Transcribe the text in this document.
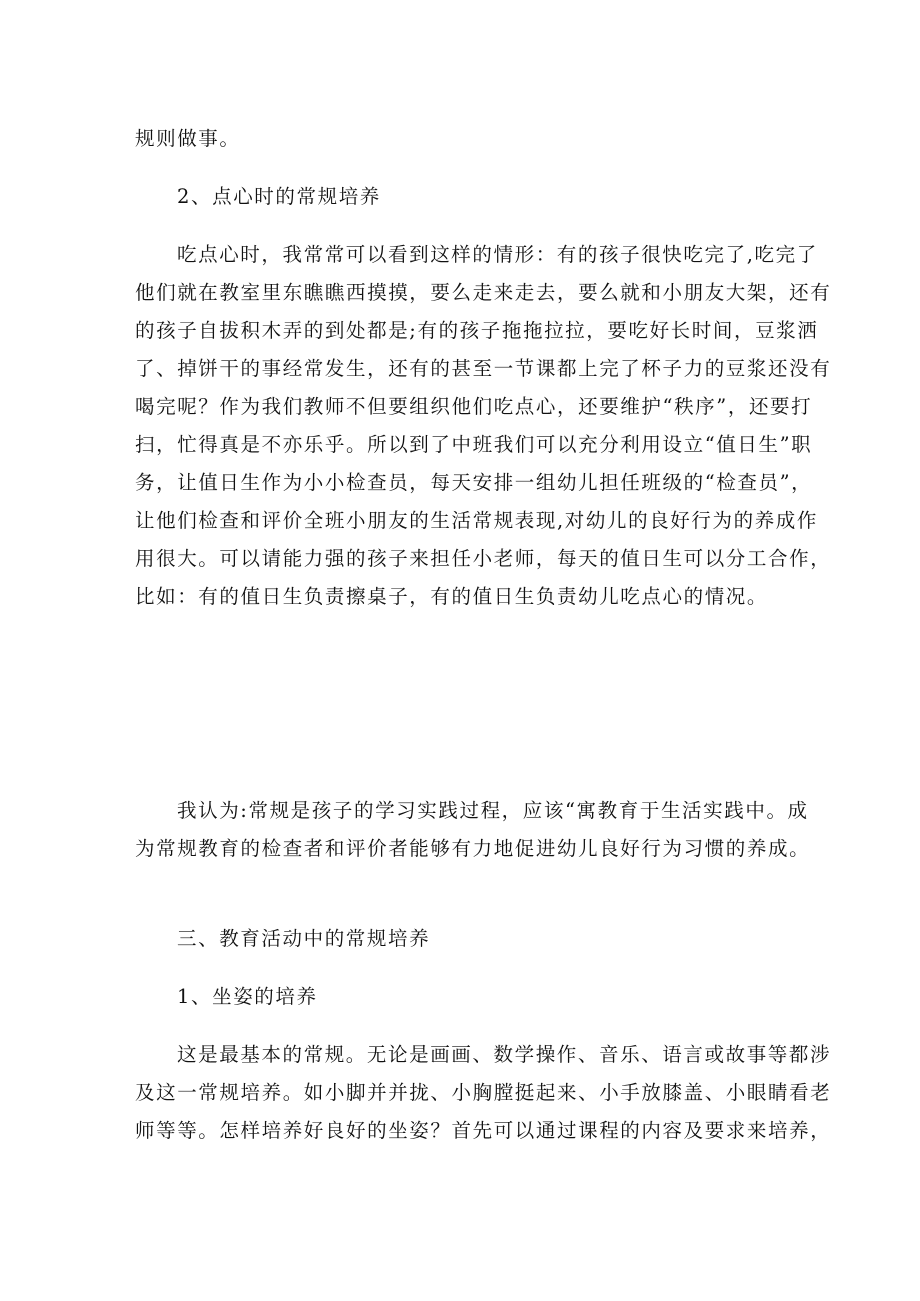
规则做事。
2、点心时的常规培养
吃点心时，我常常可以看到这样的情形：有的孩子很快吃完了,吃完了
他们就在教室里东瞧瞧西摸摸，要么走来走去，要么就和小朋友大架，还有
的孩子自拔积木弄的到处都是;有的孩子拖拖拉拉，要吃好长时间，豆浆洒
了、掉饼干的事经常发生，还有的甚至一节课都上完了杯子力的豆浆还没有
喝完呢？作为我们教师不但要组织他们吃点心，还要维护“秩序”，还要打
扫，忙得真是不亦乐乎。所以到了中班我们可以充分利用设立“值日生”职
务，让值日生作为小小检查员，每天安排一组幼儿担任班级的“检查员”，
让他们检查和评价全班小朋友的生活常规表现,对幼儿的良好行为的养成作
用很大。可以请能力强的孩子来担任小老师，每天的值日生可以分工合作，
比如：有的值日生负责擦桌子，有的值日生负责幼儿吃点心的情况。
我认为:常规是孩子的学习实践过程，应该“寓教育于生活实践中。成
为常规教育的检查者和评价者能够有力地促进幼儿良好行为习惯的养成。
三、教育活动中的常规培养
1、坐姿的培养
这是最基本的常规。无论是画画、数学操作、音乐、语言或故事等都涉
及这一常规培养。如小脚并并拢、小胸膛挺起来、小手放膝盖、小眼睛看老
师等等。怎样培养好良好的坐姿？首先可以通过课程的内容及要求来培养，
